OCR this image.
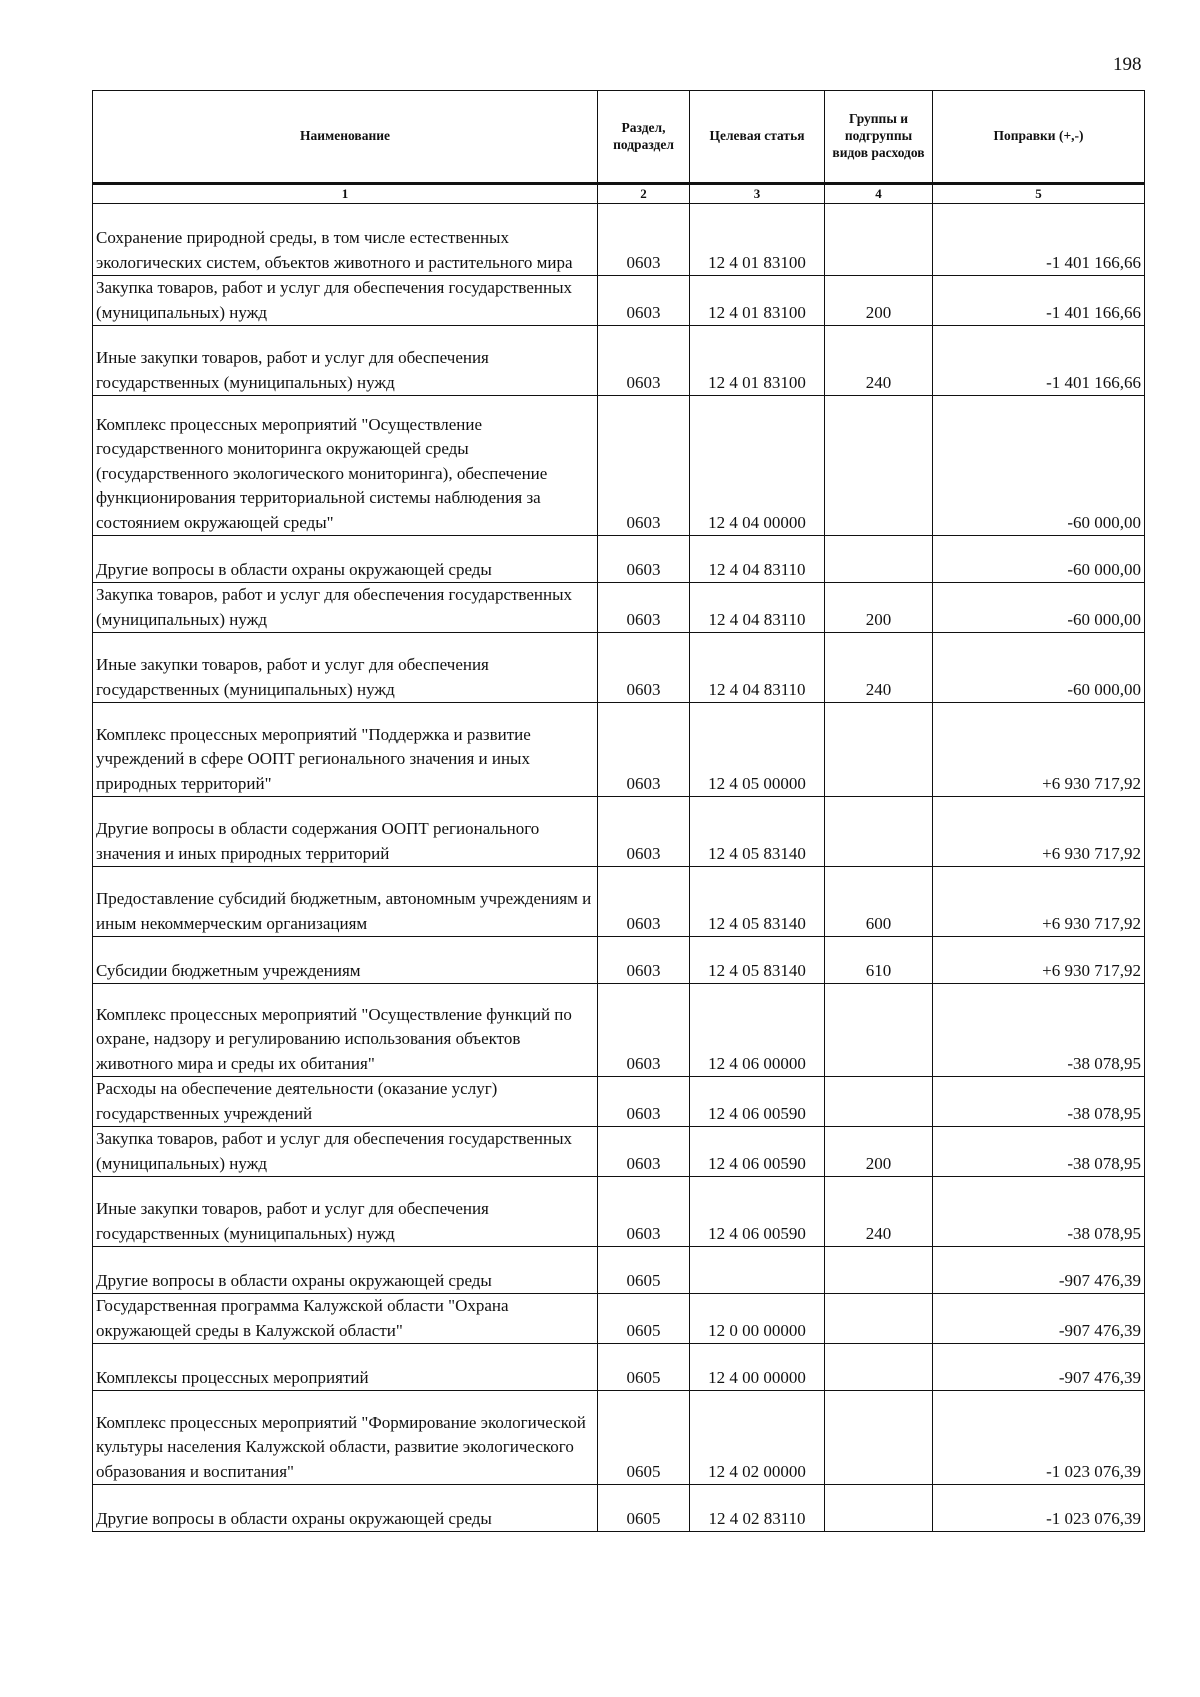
198
Наименование	Раздел, подраздел	Целевая статья	Группы и подгруппы видов расходов	Поправки (+,-)
1	2	3	4	5
Сохранение природной среды, в том числе естественных экологических систем, объектов животного и растительного мира	0603	12 4 01 83100		-1 401 166,66
Закупка товаров, работ и услуг для обеспечения государственных (муниципальных) нужд	0603	12 4 01 83100	200	-1 401 166,66
Иные закупки товаров, работ и услуг для обеспечения государственных (муниципальных) нужд	0603	12 4 01 83100	240	-1 401 166,66
Комплекс процессных мероприятий "Осуществление государственного мониторинга окружающей среды (государственного экологического мониторинга), обеспечение функционирования территориальной системы наблюдения за состоянием окружающей среды"	0603	12 4 04 00000		-60 000,00
Другие вопросы в области охраны окружающей среды	0603	12 4 04 83110		-60 000,00
Закупка товаров, работ и услуг для обеспечения государственных (муниципальных) нужд	0603	12 4 04 83110	200	-60 000,00
Иные закупки товаров, работ и услуг для обеспечения государственных (муниципальных) нужд	0603	12 4 04 83110	240	-60 000,00
Комплекс процессных мероприятий "Поддержка и развитие учреждений в сфере ООПТ регионального значения и иных природных территорий"	0603	12 4 05 00000		+6 930 717,92
Другие вопросы в области содержания ООПТ регионального значения и иных природных территорий	0603	12 4 05 83140		+6 930 717,92
Предоставление субсидий бюджетным, автономным учреждениям и иным некоммерческим организациям	0603	12 4 05 83140	600	+6 930 717,92
Субсидии бюджетным учреждениям	0603	12 4 05 83140	610	+6 930 717,92
Комплекс процессных мероприятий "Осуществление функций по охране, надзору и регулированию использования объектов животного мира и среды их обитания"	0603	12 4 06 00000		-38 078,95
Расходы на обеспечение деятельности (оказание услуг) государственных учреждений	0603	12 4 06 00590		-38 078,95
Закупка товаров, работ и услуг для обеспечения государственных (муниципальных) нужд	0603	12 4 06 00590	200	-38 078,95
Иные закупки товаров, работ и услуг для обеспечения государственных (муниципальных) нужд	0603	12 4 06 00590	240	-38 078,95
Другие вопросы в области охраны окружающей среды	0605			-907 476,39
Государственная программа Калужской области "Охрана окружающей среды в Калужской области"	0605	12 0 00 00000		-907 476,39
Комплексы процессных мероприятий	0605	12 4 00 00000		-907 476,39
Комплекс процессных мероприятий "Формирование экологической культуры населения Калужской области, развитие экологического образования и воспитания"	0605	12 4 02 00000		-1 023 076,39
Другие вопросы в области охраны окружающей среды	0605	12 4 02 83110		-1 023 076,39
